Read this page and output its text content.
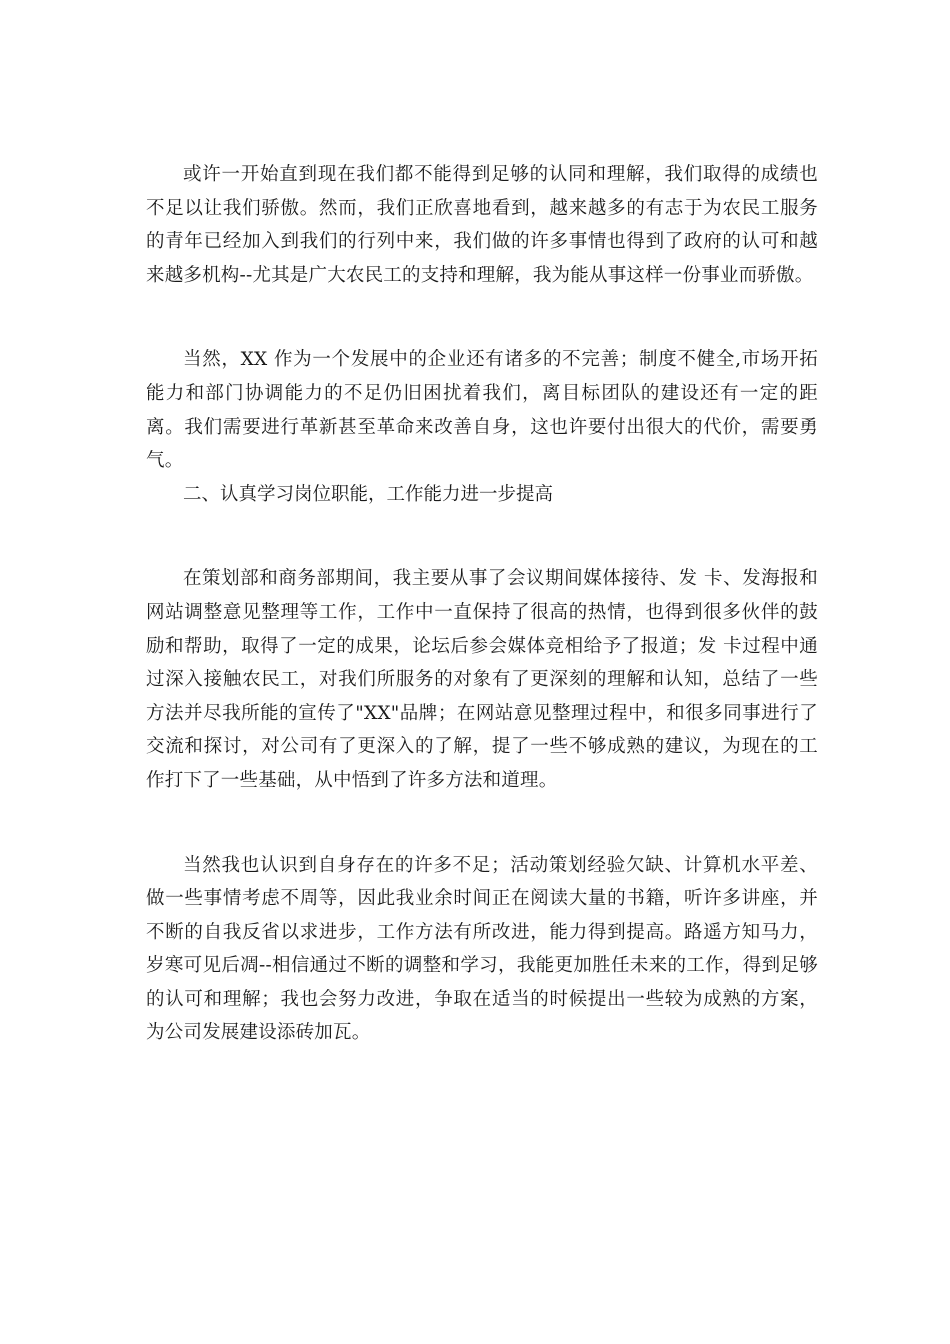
或许一开始直到现在我们都不能得到足够的认同和理解，我们取得的成绩也不足以让我们骄傲。然而，我们正欣喜地看到，越来越多的有志于为农民工服务的青年已经加入到我们的行列中来，我们做的许多事情也得到了政府的认可和越来越多机构--尤其是广大农民工的支持和理解，我为能从事这样一份事业而骄傲。

当然，XX 作为一个发展中的企业还有诸多的不完善；制度不健全,市场开拓能力和部门协调能力的不足仍旧困扰着我们，离目标团队的建设还有一定的距离。我们需要进行革新甚至革命来改善自身，这也许要付出很大的代价，需要勇气。

二、认真学习岗位职能，工作能力进一步提高

在策划部和商务部期间，我主要从事了会议期间媒体接待、发 卡、发海报和网站调整意见整理等工作，工作中一直保持了很高的热情，也得到很多伙伴的鼓励和帮助，取得了一定的成果，论坛后参会媒体竞相给予了报道；发 卡过程中通过深入接触农民工，对我们所服务的对象有了更深刻的理解和认知，总结了一些方法并尽我所能的宣传了"XX"品牌；在网站意见整理过程中，和很多同事进行了交流和探讨，对公司有了更深入的了解，提了一些不够成熟的建议，为现在的工作打下了一些基础，从中悟到了许多方法和道理。

当然我也认识到自身存在的许多不足；活动策划经验欠缺、计算机水平差、做一些事情考虑不周等，因此我业余时间正在阅读大量的书籍，听许多讲座，并不断的自我反省以求进步，工作方法有所改进，能力得到提高。路遥方知马力，岁寒可见后凋--相信通过不断的调整和学习，我能更加胜任未来的工作，得到足够的认可和理解；我也会努力改进，争取在适当的时候提出一些较为成熟的方案，为公司发展建设添砖加瓦。
